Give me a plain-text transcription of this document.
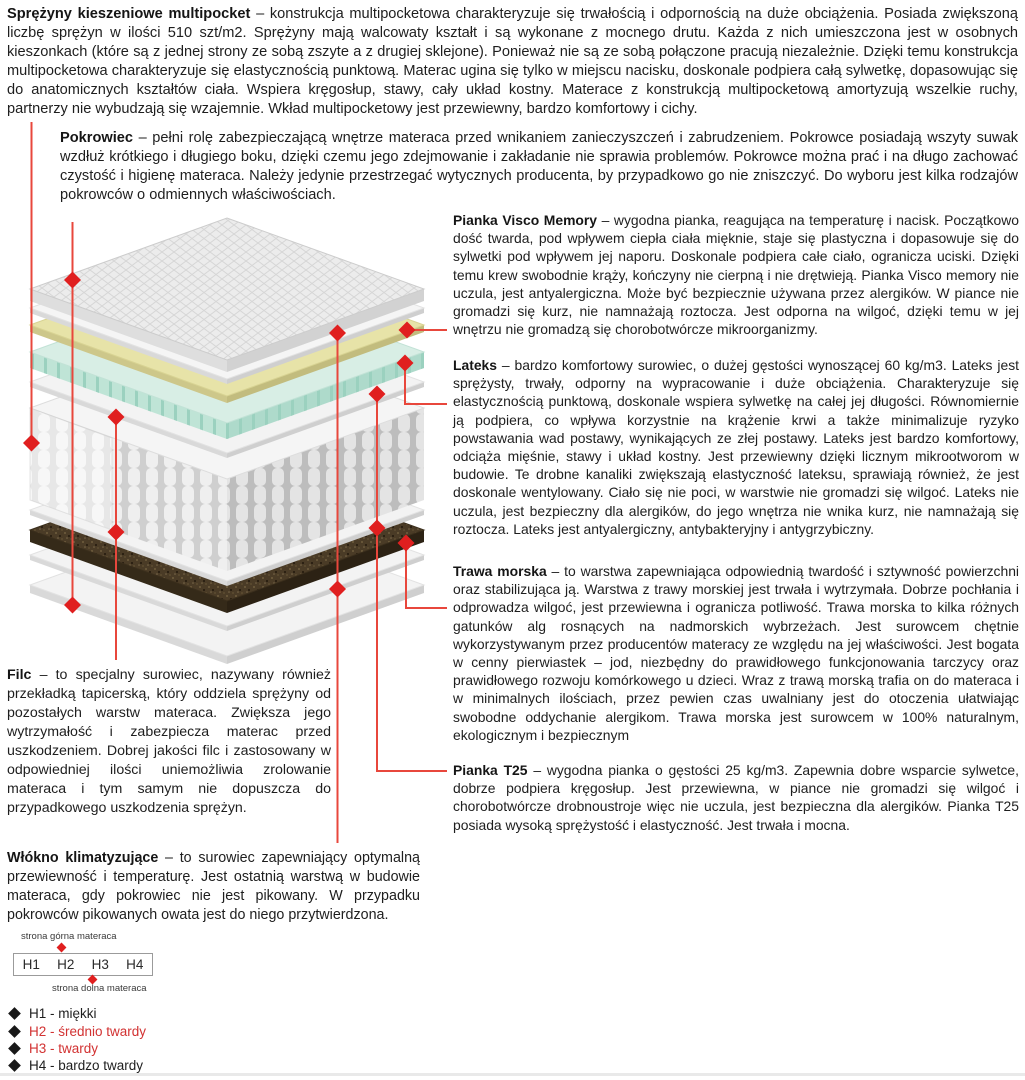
Sprężyny kieszeniowe multipocket – konstrukcja multipocketowa charakteryzuje się trwałością i odpornością na duże obciążenia. Posiada zwiększoną liczbę sprężyn w ilości 510 szt/m2. Sprężyny mają walcowaty kształt i są wykonane z mocnego drutu. Każda z nich umieszczona jest w osobnych kieszonkach (które są z jednej strony ze sobą zszyte a z drugiej sklejone). Ponieważ nie są ze sobą połączone pracują niezależnie. Dzięki temu konstrukcja multipocketowa charakteryzuje się elastycznością punktową. Materac ugina się tylko w miejscu nacisku, doskonale podpiera całą sylwetkę, dopasowując się do anatomicznych kształtów ciała. Wspiera kręgosłup, stawy, cały układ kostny. Materace z konstrukcją multipocketową amortyzują wszelkie ruchy, partnerzy nie wybudzają się wzajemnie. Wkład multipocketowy jest przewiewny, bardzo komfortowy i cichy.

Pokrowiec – pełni rolę zabezpieczającą wnętrze materaca przed wnikaniem zanieczyszczeń i zabrudzeniem. Pokrowce posiadają wszyty suwak wzdłuż krótkiego i długiego boku, dzięki czemu jego zdejmowanie i zakładanie nie sprawia problemów. Pokrowce można prać i na długo zachować czystość i higienę materaca. Należy jedynie przestrzegać wytycznych producenta, by przypadkowo go nie zniszczyć. Do wyboru jest kilka rodzajów pokrowców o odmiennych właściwościach.

Pianka Visco Memory – wygodna pianka, reagująca na temperaturę i nacisk. Początkowo dość twarda, pod wpływem ciepła ciała mięknie, staje się plastyczna i dopasowuje się do sylwetki pod wpływem jej naporu. Doskonale podpiera całe ciało, ogranicza uciski. Dzięki temu krew swobodnie krąży, kończyny nie cierpną i nie drętwieją. Pianka Visco memory nie uczula, jest antyalergiczna. Może być bezpiecznie używana przez alergików. W piance nie gromadzi się kurz, nie namnażają roztocza. Jest odporna na wilgoć, dzięki temu w jej wnętrzu nie gromadzą się chorobotwórcze mikroorganizmy.

Lateks – bardzo komfortowy surowiec, o dużej gęstości wynoszącej 60 kg/m3. Lateks jest sprężysty, trwały, odporny na wypracowanie i duże obciążenia. Charakteryzuje się elastycznością punktową, doskonale wspiera sylwetkę na całej jej długości. Równomiernie ją podpiera, co wpływa korzystnie na krążenie krwi a także minimalizuje ryzyko powstawania wad postawy, wynikających ze złej postawy. Lateks jest bardzo komfortowy, odciąża mięśnie, stawy i układ kostny. Jest przewiewny dzięki licznym mikrootworom w budowie. Te drobne kanaliki zwiększają elastyczność lateksu, sprawiają również, że jest doskonale wentylowany. Ciało się nie poci, w warstwie nie gromadzi się wilgoć. Lateks nie uczula, jest bezpieczny dla alergików, do jego wnętrza nie wnika kurz, nie namnażają się roztocza. Lateks jest antyalergiczny, antybakteryjny i antygrzybiczny.

Trawa morska – to warstwa zapewniająca odpowiednią twardość i sztywność powierzchni oraz stabilizująca ją. Warstwa z trawy morskiej jest trwała i wytrzymała. Dobrze pochłania i odprowadza wilgoć, jest przewiewna i ogranicza potliwość. Trawa morska to kilka różnych gatunków alg rosnących na nadmorskich wybrzeżach. Jest surowcem chętnie wykorzystywanym przez producentów materacy ze względu na jej właściwości. Jest bogata w cenny pierwiastek – jod, niezbędny do prawidłowego funkcjonowania tarczycy oraz prawidłowego rozwoju komórkowego u dzieci. Wraz z trawą morską trafia on do materaca i w minimalnych ilościach, przez pewien czas uwalniany jest do otoczenia ułatwiając swobodne oddychanie alergikom. Trawa morska jest surowcem w 100% naturalnym, ekologicznym i bezpiecznym

Pianka T25 – wygodna pianka o gęstości 25 kg/m3. Zapewnia dobre wsparcie sylwetce, dobrze podpiera kręgosłup. Jest przewiewna, w piance nie gromadzi się wilgoć i chorobotwórcze drobnoustroje więc nie uczula, jest bezpieczna dla alergików. Pianka T25 posiada wysoką sprężystość i elastyczność. Jest trwała i mocna.

Filc – to specjalny surowiec, nazywany również przekładką tapicerską, który oddziela sprężyny od pozostałych warstw materaca. Zwiększa jego wytrzymałość i zabezpiecza materac przed uszkodzeniem. Dobrej jakości filc i zastosowany w odpowiedniej ilości uniemożliwia zrolowanie materaca i tym samym nie dopuszcza do przypadkowego uszkodzenia sprężyn.

Włókno klimatyzujące – to surowiec zapewniający optymalną przewiewność i temperaturę. Jest ostatnią warstwą w budowie materaca, gdy pokrowiec nie jest pikowany. W przypadku pokrowców pikowanych owata jest do niego przytwierdzona.

strona górna materaca
H1 H2 H3 H4
strona dolna materaca
H1 - miękki
H2 - średnio twardy
H3 - twardy
H4 - bardzo twardy
